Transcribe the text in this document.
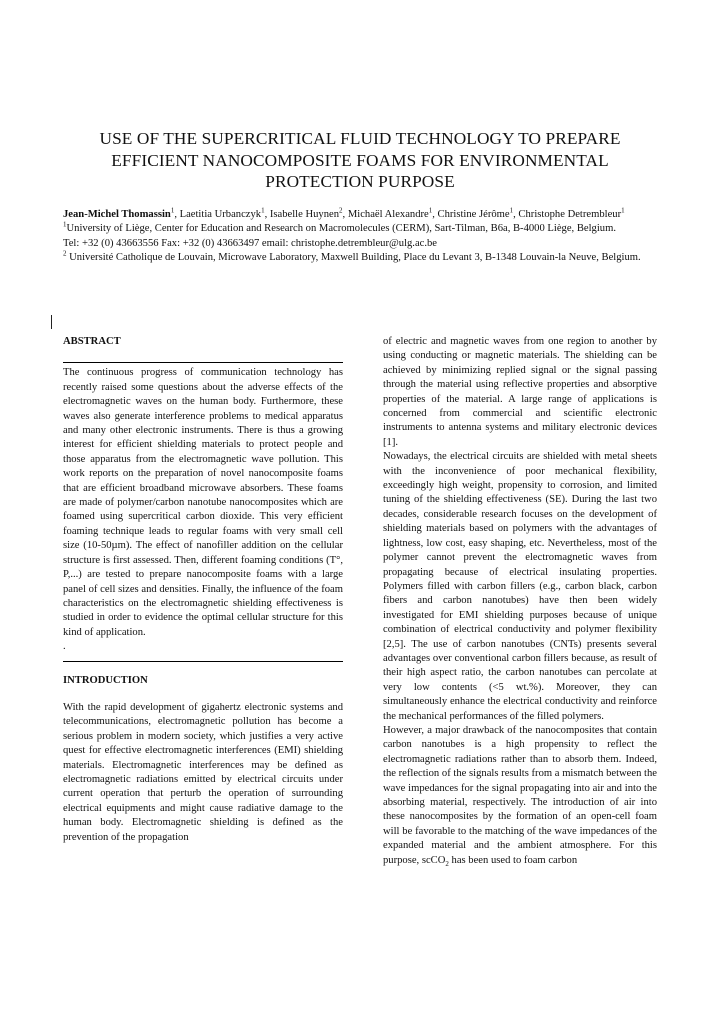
USE OF THE SUPERCRITICAL FLUID TECHNOLOGY TO PREPARE
EFFICIENT NANOCOMPOSITE FOAMS FOR ENVIRONMENTAL
PROTECTION PURPOSE

Jean-Michel Thomassin$^1$, Laetitia Urbanczyk$^1$, Isabelle Huynen$^2$, Michaël Alexandre$^1$, Christine Jérôme$^1$, Christophe Detrembleur$^1$

$^1$University of Liège, Center for Education and Research on Macromolecules (CERM), Sart-Tilman, B6a, B-4000 Liège, Belgium.

Tel: +32 (0) 43663556 Fax: +32 (0) 43663497 email: christophe.detrembleur@ulg.ac.be

$^2$ Université Catholique de Louvain, Microwave Laboratory, Maxwell Building, Place du Levant 3, B-1348 Louvain-la Neuve, Belgium.

ABSTRACT

The continuous progress of communication technology has recently raised some questions about the adverse effects of the electromagnetic waves on the human body. Furthermore, these waves also generate interference problems to medical apparatus and many other electronic instruments. There is thus a growing interest for efficient shielding materials to protect people and those apparatus from the electromagnetic wave pollution. This work reports on the preparation of novel nanocomposite foams that are efficient broadband microwave absorbers. These foams are made of polymer/carbon nanotube nanocomposites which are foamed using supercritical carbon dioxide. This very efficient foaming technique leads to regular foams with very small cell size (10-50µm). The effect of nanofiller addition on the cellular structure is first assessed. Then, different foaming conditions (T°, P,...) are tested to prepare nanocomposite foams with a large panel of cell sizes and densities. Finally, the influence of the foam characteristics on the electromagnetic shielding effectiveness is studied in order to evidence the optimal cellular structure for this kind of application.

.

INTRODUCTION

With the rapid development of gigahertz electronic systems and telecommunications, electromagnetic pollution has become a serious problem in modern society, which justifies a very active quest for effective electromagnetic interferences (EMI) shielding materials. Electromagnetic interferences may be defined as electromagnetic radiations emitted by electrical circuits under current operation that perturb the operation of surrounding electrical equipments and might cause radiative damage to the human body. Electromagnetic shielding is defined as the prevention of the propagation

of electric and magnetic waves from one region to another by using conducting or magnetic materials. The shielding can be achieved by minimizing replied signal or the signal passing through the material using reflective properties and absorptive properties of the material. A large range of applications is concerned from commercial and scientific electronic instruments to antenna systems and military electronic devices [1].

Nowadays, the electrical circuits are shielded with metal sheets with the inconvenience of poor mechanical flexibility, exceedingly high weight, propensity to corrosion, and limited tuning of the shielding effectiveness (SE). During the last two decades, considerable research focuses on the development of shielding materials based on polymers with the advantages of lightness, low cost, easy shaping, etc. Nevertheless, most of the polymer cannot prevent the electromagnetic waves from propagating because of electrical insulating properties. Polymers filled with carbon fillers (e.g., carbon black, carbon fibers and carbon nanotubes) have then been widely investigated for EMI shielding purposes because of unique combination of electrical conductivity and polymer flexibility [2,5]. The use of carbon nanotubes (CNTs) presents several advantages over conventional carbon fillers because, as result of their high aspect ratio, the carbon nanotubes can percolate at very low contents (<5 wt.%). Moreover, they can simultaneously enhance the electrical conductivity and reinforce the mechanical performances of the filled polymers.

However, a major drawback of the nanocomposites that contain carbon nanotubes is a high propensity to reflect the electromagnetic radiations rather than to absorb them. Indeed, the reflection of the signals results from a mismatch between the wave impedances for the signal propagating into air and into the absorbing material, respectively. The introduction of air into these nanocomposites by the formation of an open-cell foam will be favorable to the matching of the wave impedances of the expanded material and the ambient atmosphere. For this purpose, scCO$_2$ has been used to foam carbon
